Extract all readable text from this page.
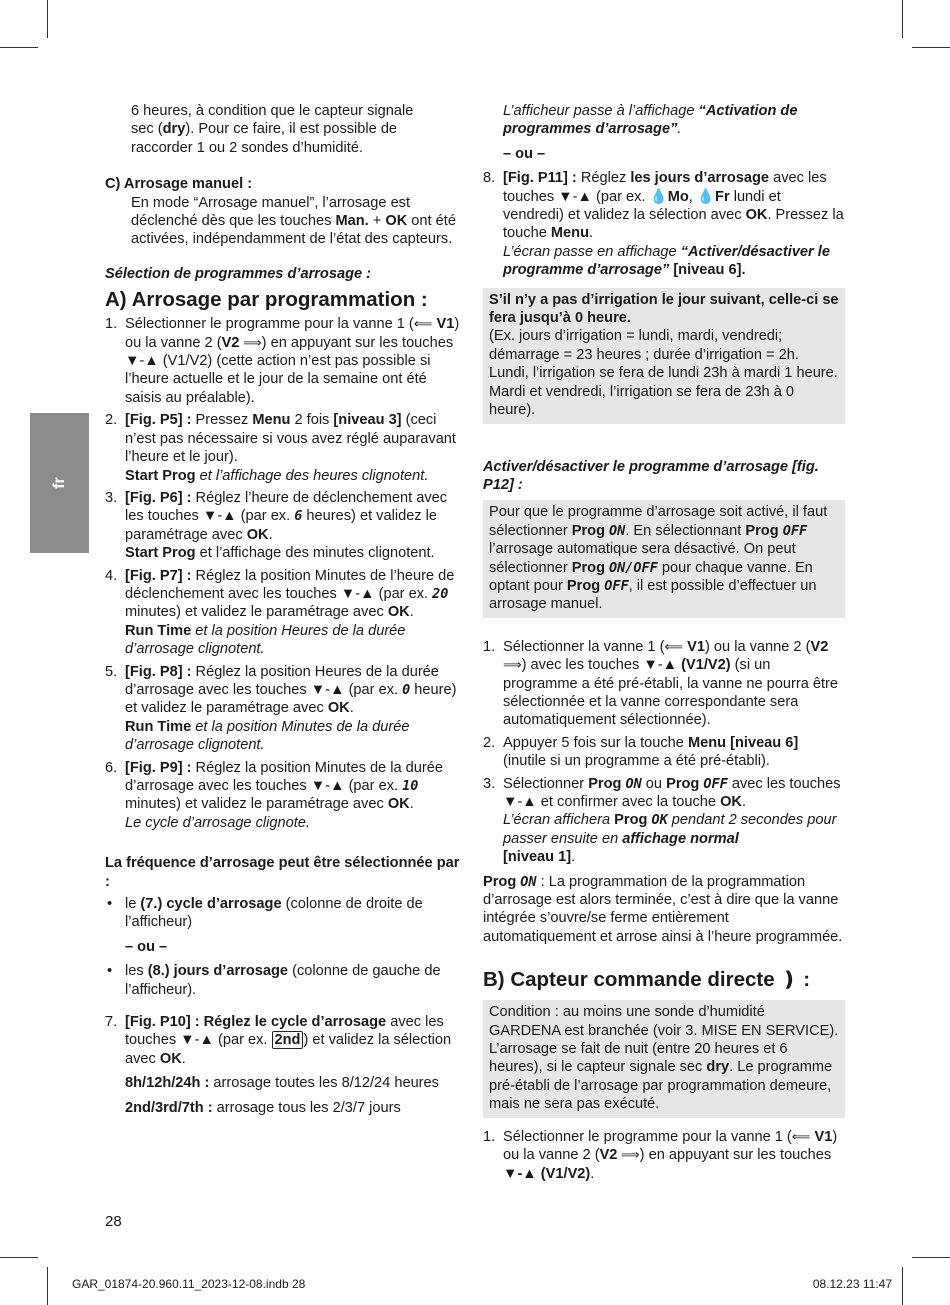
fr

6 heures, à condition que le capteur signale
sec (dry). Pour ce faire, il est possible de
raccorder 1 ou 2 sondes d’humidité.

C) Arrosage manuel :

En mode “Arrosage manuel”, l’arrosage est déclenché dès que les touches Man. + OK ont été activées, indépendamment de l’état des capteurs.

Sélection de programmes d’arrosage :

A) Arrosage par programmation :

1. Sélectionner le programme pour la vanne 1 (⟸ V1) ou la vanne 2 (V2 ⟹) en appuyant sur les touches ▼-▲ (V1/V2) (cette action n’est pas possible si l’heure actuelle et le jour de la semaine ont été saisis au préalable).
2. [Fig. P5] : Pressez Menu 2 fois [niveau 3] (ceci n’est pas nécessaire si vous avez réglé auparavant l’heure et le jour).
Start Prog et l’affichage des heures clignotent.
3. [Fig. P6] : Réglez l’heure de déclenchement avec les touches ▼-▲ (par ex. 6 heures) et validez le paramétrage avec OK.
Start Prog et l’affichage des minutes clignotent.
4. [Fig. P7] : Réglez la position Minutes de l’heure de déclenchement avec les touches ▼-▲ (par ex. 20 minutes) et validez le paramétrage avec OK.
Run Time et la position Heures de la durée d’arrosage clignotent.
5. [Fig. P8] : Réglez la position Heures de la durée d’arrosage avec les touches ▼-▲ (par ex. 0 heure) et validez le paramétrage avec OK.
Run Time et la position Minutes de la durée d’arrosage clignotent.
6. [Fig. P9] : Réglez la position Minutes de la durée d’arrosage avec les touches ▼-▲ (par ex. 10 minutes) et validez le paramétrage avec OK.
Le cycle d’arrosage clignote.

La fréquence d’arrosage peut être sélectionnée par :

• le (7.) cycle d’arrosage (colonne de droite de l’afficheur)

– ou –

• les (8.) jours d’arrosage (colonne de gauche de l’afficheur).
7. [Fig. P10] : Réglez le cycle d’arrosage avec les touches ▼-▲ (par ex. 2nd ) et validez la sélection avec OK.

8h/12h/24h : arrosage toutes les 8/12/24 heures

2nd/3rd/7th : arrosage tous les 2/3/7 jours

L’afficheur passe à l’affichage “Activation de programmes d’arrosage”.

– ou –

8. [Fig. P11] : Réglez les jours d’arrosage avec les touches ▼-▲ (par ex. 💧Mo, 💧Fr lundi et vendredi) et validez la sélection avec OK. Pressez la touche Menu.
L’écran passe en affichage “Activer/désactiver le programme d’arrosage” [niveau 6].

S’il n’y a pas d’irrigation le jour suivant, celle-ci se fera jusqu’à 0 heure.

(Ex. jours d’irrigation = lundi, mardi, vendredi; démarrage = 23 heures ; durée d’irrigation = 2h. Lundi, l’irrigation se fera de lundi 23h à mardi 1 heure. Mardi et vendredi, l’irrigation se fera de 23h à 0 heure).

Activer/désactiver le programme d’arrosage [fig. P12] :

Pour que le programme d’arrosage soit activé, il faut sélectionner Prog ON. En sélectionnant Prog OFF l’arrosage automatique sera désactivé. On peut sélectionner Prog ON/OFF pour chaque vanne. En optant pour Prog OFF, il est possible d’effectuer un arrosage manuel.
1. Sélectionner la vanne 1 (⟸ V1) ou la vanne 2 (V2 ⟹) avec les touches ▼-▲ (V1/V2) (si un programme a été pré-établi, la vanne ne pourra être sélectionnée et la vanne correspondante sera automatiquement sélectionnée).
2. Appuyer 5 fois sur la touche Menu [niveau 6] (inutile si un programme a été pré-établi).
3. Sélectionner Prog ON ou Prog OFF avec les touches ▼-▲ et confirmer avec la touche OK.
L’écran affichera Prog OK pendant 2 secondes pour passer ensuite en affichage normal
[niveau 1].

Prog ON : La programmation de la programmation d’arrosage est alors terminée, c’est à dire que la vanne intégrée s’ouvre/se ferme entièrement automatiquement et arrose ainsi à l’heure programmée.

B) Capteur commande directe ❫ :

Condition : au moins une sonde d’humidité GARDENA est branchée (voir 3. MISE EN SERVICE). L’arrosage se fait de nuit (entre 20 heures et 6 heures), si le capteur signale sec dry. Le programme pré-établi de l’arrosage par programmation demeure, mais ne sera pas exécuté.
1. Sélectionner le programme pour la vanne 1 (⟸ V1) ou la vanne 2 (V2 ⟹) en appuyant sur les touches ▼-▲ (V1/V2).
28
GAR_01874-20.960.11_2023-12-08.indb 28	08.12.23 11:47
